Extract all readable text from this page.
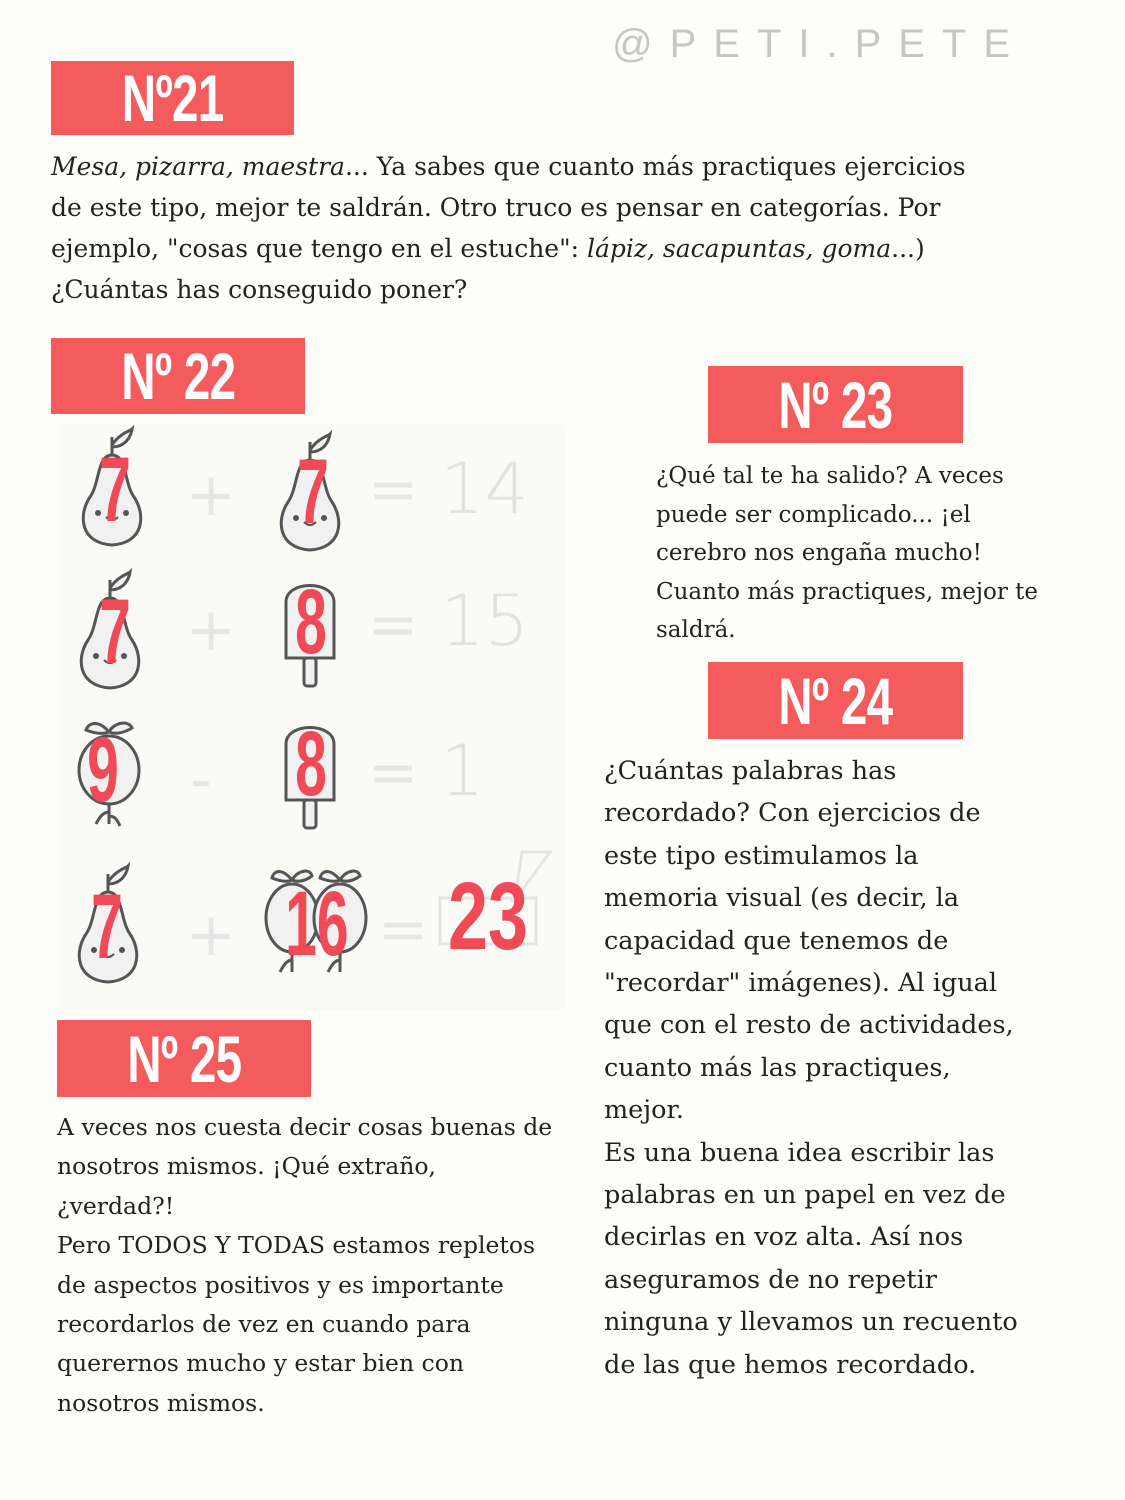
@PETI.PETE
Nº21
Mesa, pizarra, maestra... Ya sabes que cuanto más practiques ejercicios
de este tipo, mejor te saldrán. Otro truco es pensar en categorías. Por
ejemplo, "cosas que tengo en el estuche": lápiz, sacapuntas, goma...)
¿Cuántas has conseguido poner?
Nº 22
7 + 7 = 14
7 + 8 = 15
9 - 8 = 1
7 + 16 = 23
Nº 23
¿Qué tal te ha salido? A veces
puede ser complicado... ¡el
cerebro nos engaña mucho!
Cuanto más practiques, mejor te
saldrá.
Nº 24
¿Cuántas palabras has
recordado? Con ejercicios de
este tipo estimulamos la
memoria visual (es decir, la
capacidad que tenemos de
"recordar" imágenes). Al igual
que con el resto de actividades,
cuanto más las practiques,
mejor.
Es una buena idea escribir las
palabras en un papel en vez de
decirlas en voz alta. Así nos
aseguramos de no repetir
ninguna y llevamos un recuento
de las que hemos recordado.
Nº 25
A veces nos cuesta decir cosas buenas de
nosotros mismos. ¡Qué extraño,
¿verdad?!
Pero TODOS Y TODAS estamos repletos
de aspectos positivos y es importante
recordarlos de vez en cuando para
querernos mucho y estar bien con
nosotros mismos.
